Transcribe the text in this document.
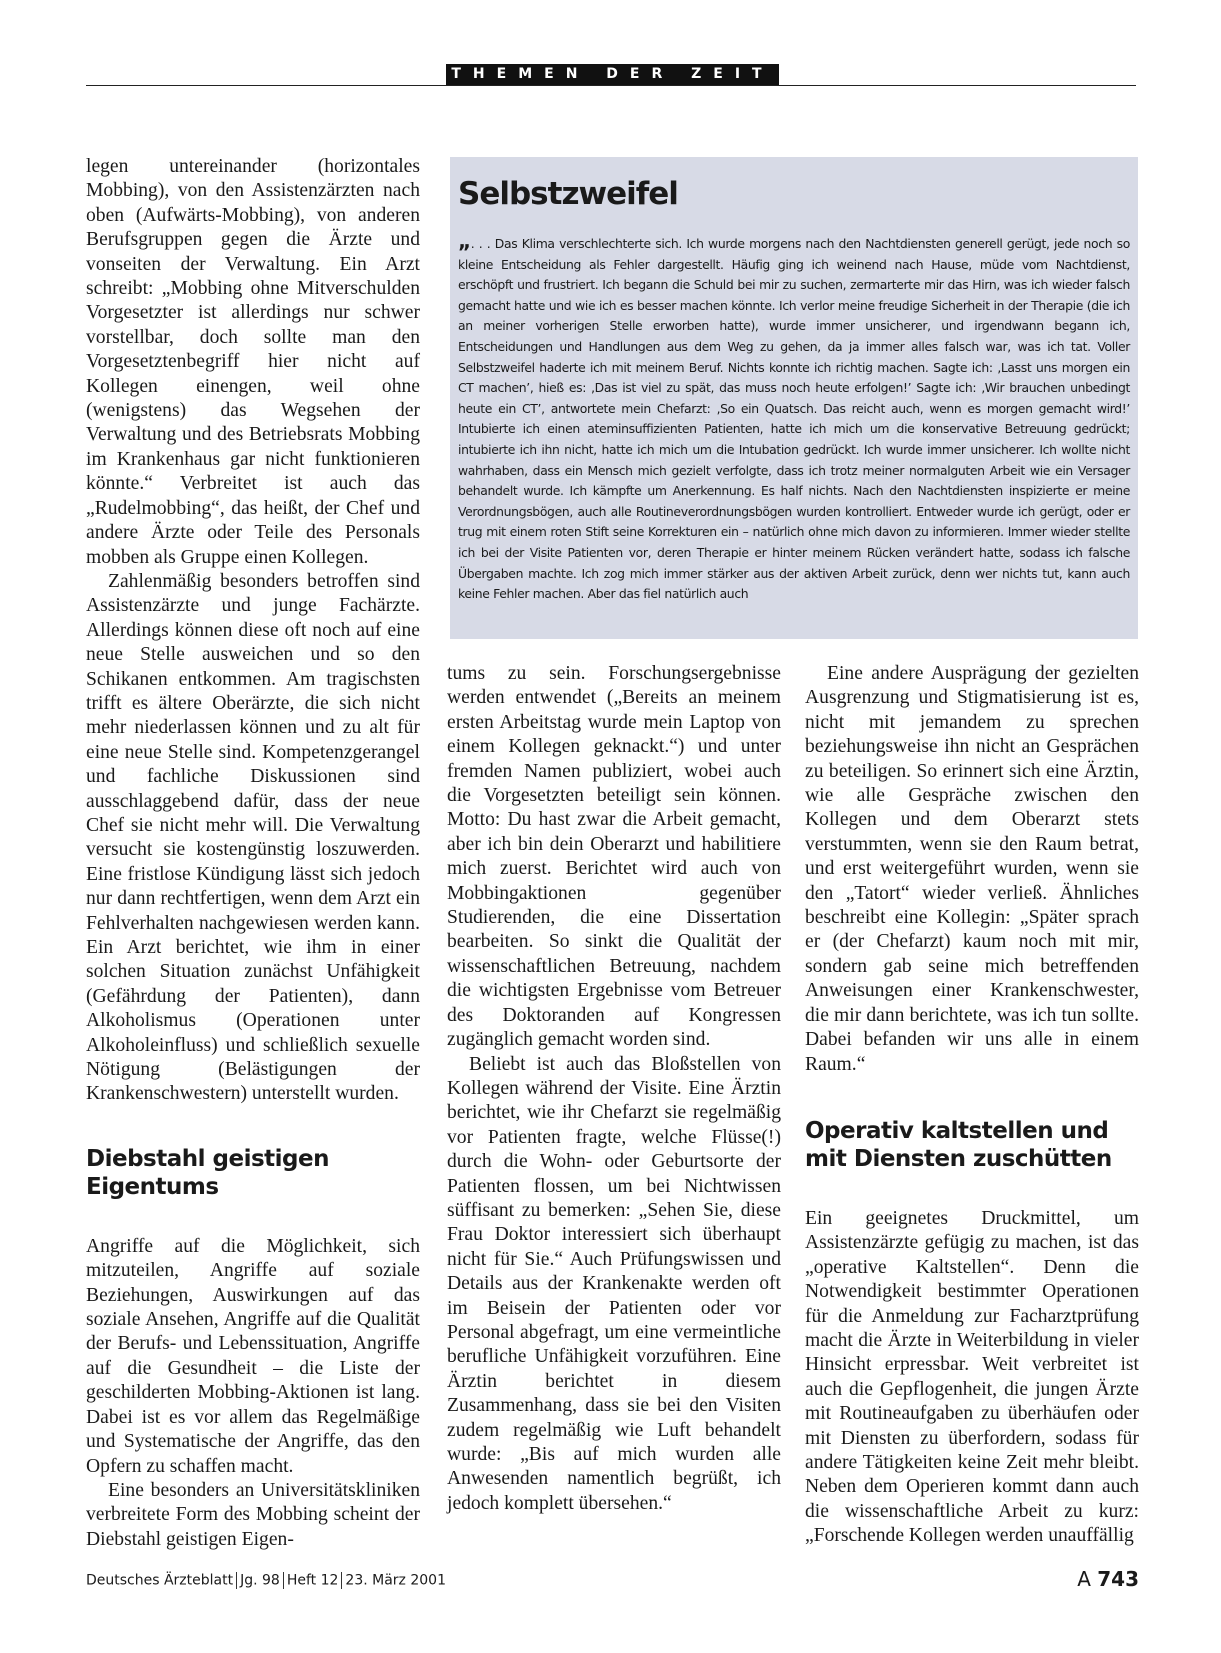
THEMEN DER ZEIT

legen untereinander (horizontales Mobbing), von den Assistenzärzten nach oben (Aufwärts-Mobbing), von anderen Berufsgruppen gegen die Ärzte und vonseiten der Verwaltung. Ein Arzt schreibt: „Mobbing ohne Mitverschulden Vorgesetzter ist allerdings nur schwer vorstellbar, doch sollte man den Vorgesetztenbegriff hier nicht auf Kollegen einengen, weil ohne (wenigstens) das Wegsehen der Verwaltung und des Betriebsrats Mobbing im Krankenhaus gar nicht funktionieren könnte.“ Verbreitet ist auch das „Rudelmobbing“, das heißt, der Chef und andere Ärzte oder Teile des Personals mobben als Gruppe einen Kollegen.

Zahlenmäßig besonders betroffen sind Assistenzärzte und junge Fachärzte. Allerdings können diese oft noch auf eine neue Stelle ausweichen und so den Schikanen entkommen. Am tragischsten trifft es ältere Oberärzte, die sich nicht mehr niederlassen können und zu alt für eine neue Stelle sind. Kompetenzgerangel und fachliche Diskussionen sind ausschlaggebend dafür, dass der neue Chef sie nicht mehr will. Die Verwaltung versucht sie kostengünstig loszuwerden. Eine fristlose Kündigung lässt sich jedoch nur dann rechtfertigen, wenn dem Arzt ein Fehlverhalten nachgewiesen werden kann. Ein Arzt berichtet, wie ihm in einer solchen Situation zunächst Unfähigkeit (Gefährdung der Patienten), dann Alkoholismus (Operationen unter Alkoholeinfluss) und schließlich sexuelle Nötigung (Belästigungen der Krankenschwestern) unterstellt wurden.

Diebstahl geistigen Eigentums

Angriffe auf die Möglichkeit, sich mitzuteilen, Angriffe auf soziale Beziehungen, Auswirkungen auf das soziale Ansehen, Angriffe auf die Qualität der Berufs- und Lebenssituation, Angriffe auf die Gesundheit – die Liste der geschilderten Mobbing-Aktionen ist lang. Dabei ist es vor allem das Regelmäßige und Systematische der Angriffe, das den Opfern zu schaffen macht.

Eine besonders an Universitätskliniken verbreitete Form des Mobbing scheint der Diebstahl geistigen Eigen-

Selbstzweifel
„. . . Das Klima verschlechterte sich. Ich wurde morgens nach den Nachtdiensten generell gerügt, jede noch so kleine Entscheidung als Fehler dargestellt. Häufig ging ich weinend nach Hause, müde vom Nachtdienst, erschöpft und frustriert. Ich begann die Schuld bei mir zu suchen, zermarterte mir das Hirn, was ich wieder falsch gemacht hatte und wie ich es besser machen könnte. Ich verlor meine freudige Sicherheit in der Therapie (die ich an meiner vorherigen Stelle erworben hatte), wurde immer unsicherer, und irgendwann begann ich, Entscheidungen und Handlungen aus dem Weg zu gehen, da ja immer alles falsch war, was ich tat. Voller Selbstzweifel haderte ich mit meinem Beruf. Nichts konnte ich richtig machen. Sagte ich: ‚Lasst uns morgen ein CT machen’, hieß es: ‚Das ist viel zu spät, das muss noch heute erfolgen!’ Sagte ich: ‚Wir brauchen unbedingt heute ein CT’, antwortete mein Chefarzt: ‚So ein Quatsch. Das reicht auch, wenn es morgen gemacht wird!’ Intubierte ich einen ateminsuffizienten Patienten, hatte ich mich um die konservative Betreuung gedrückt; intubierte ich ihn nicht, hatte ich mich um die Intubation gedrückt. Ich wurde immer unsicherer. Ich wollte nicht wahrhaben, dass ein Mensch mich gezielt verfolgte, dass ich trotz meiner normalguten Arbeit wie ein Versager behandelt wurde. Ich kämpfte um Anerkennung. Es half nichts. Nach den Nachtdiensten inspizierte er meine Verordnungsbögen, auch alle Routineverordnungsbögen wurden kontrolliert. Entweder wurde ich gerügt, oder er trug mit einem roten Stift seine Korrekturen ein – natürlich ohne mich davon zu informieren. Immer wieder stellte ich bei der Visite Patienten vor, deren Therapie er hinter meinem Rücken verändert hatte, sodass ich falsche Übergaben machte. Ich zog mich immer stärker aus der aktiven Arbeit zurück, denn wer nichts tut, kann auch keine Fehler machen. Aber das fiel natürlich auch

tums zu sein. Forschungsergebnisse werden entwendet („Bereits an meinem ersten Arbeitstag wurde mein Laptop von einem Kollegen geknackt.“) und unter fremden Namen publiziert, wobei auch die Vorgesetzten beteiligt sein können. Motto: Du hast zwar die Arbeit gemacht, aber ich bin dein Oberarzt und habilitiere mich zuerst. Berichtet wird auch von Mobbingaktionen gegenüber Studierenden, die eine Dissertation bearbeiten. So sinkt die Qualität der wissenschaftlichen Betreuung, nachdem die wichtigsten Ergebnisse vom Betreuer des Doktoranden auf Kongressen zugänglich gemacht worden sind.

Beliebt ist auch das Bloßstellen von Kollegen während der Visite. Eine Ärztin berichtet, wie ihr Chefarzt sie regelmäßig vor Patienten fragte, welche Flüsse(!) durch die Wohn- oder Geburtsorte der Patienten flossen, um bei Nichtwissen süffisant zu bemerken: „Sehen Sie, diese Frau Doktor interessiert sich überhaupt nicht für Sie.“ Auch Prüfungswissen und Details aus der Krankenakte werden oft im Beisein der Patienten oder vor Personal abgefragt, um eine vermeintliche berufliche Unfähigkeit vorzuführen. Eine Ärztin berichtet in diesem Zusammenhang, dass sie bei den Visiten zudem regelmäßig wie Luft behandelt wurde: „Bis auf mich wurden alle Anwesenden namentlich begrüßt, ich jedoch komplett übersehen.“

Eine andere Ausprägung der gezielten Ausgrenzung und Stigmatisierung ist es, nicht mit jemandem zu sprechen beziehungsweise ihn nicht an Gesprächen zu beteiligen. So erinnert sich eine Ärztin, wie alle Gespräche zwischen den Kollegen und dem Oberarzt stets verstummten, wenn sie den Raum betrat, und erst weitergeführt wurden, wenn sie den „Tatort“ wieder verließ. Ähnliches beschreibt eine Kollegin: „Später sprach er (der Chefarzt) kaum noch mit mir, sondern gab seine mich betreffenden Anweisungen einer Krankenschwester, die mir dann berichtete, was ich tun sollte. Dabei befanden wir uns alle in einem Raum.“

Operativ kaltstellen und mit Diensten zuschütten

Ein geeignetes Druckmittel, um Assistenzärzte gefügig zu machen, ist das „operative Kaltstellen“. Denn die Notwendigkeit bestimmter Operationen für die Anmeldung zur Facharztprüfung macht die Ärzte in Weiterbildung in vieler Hinsicht erpressbar. Weit verbreitet ist auch die Gepflogenheit, die jungen Ärzte mit Routineaufgaben zu überhäufen oder mit Diensten zu überfordern, sodass für andere Tätigkeiten keine Zeit mehr bleibt. Neben dem Operieren kommt dann auch die wissenschaftliche Arbeit zu kurz: „Forschende Kollegen werden unauffällig

Deutsches Ärzteblatt Jg. 98 Heft 12 23. März 2001	A 743
